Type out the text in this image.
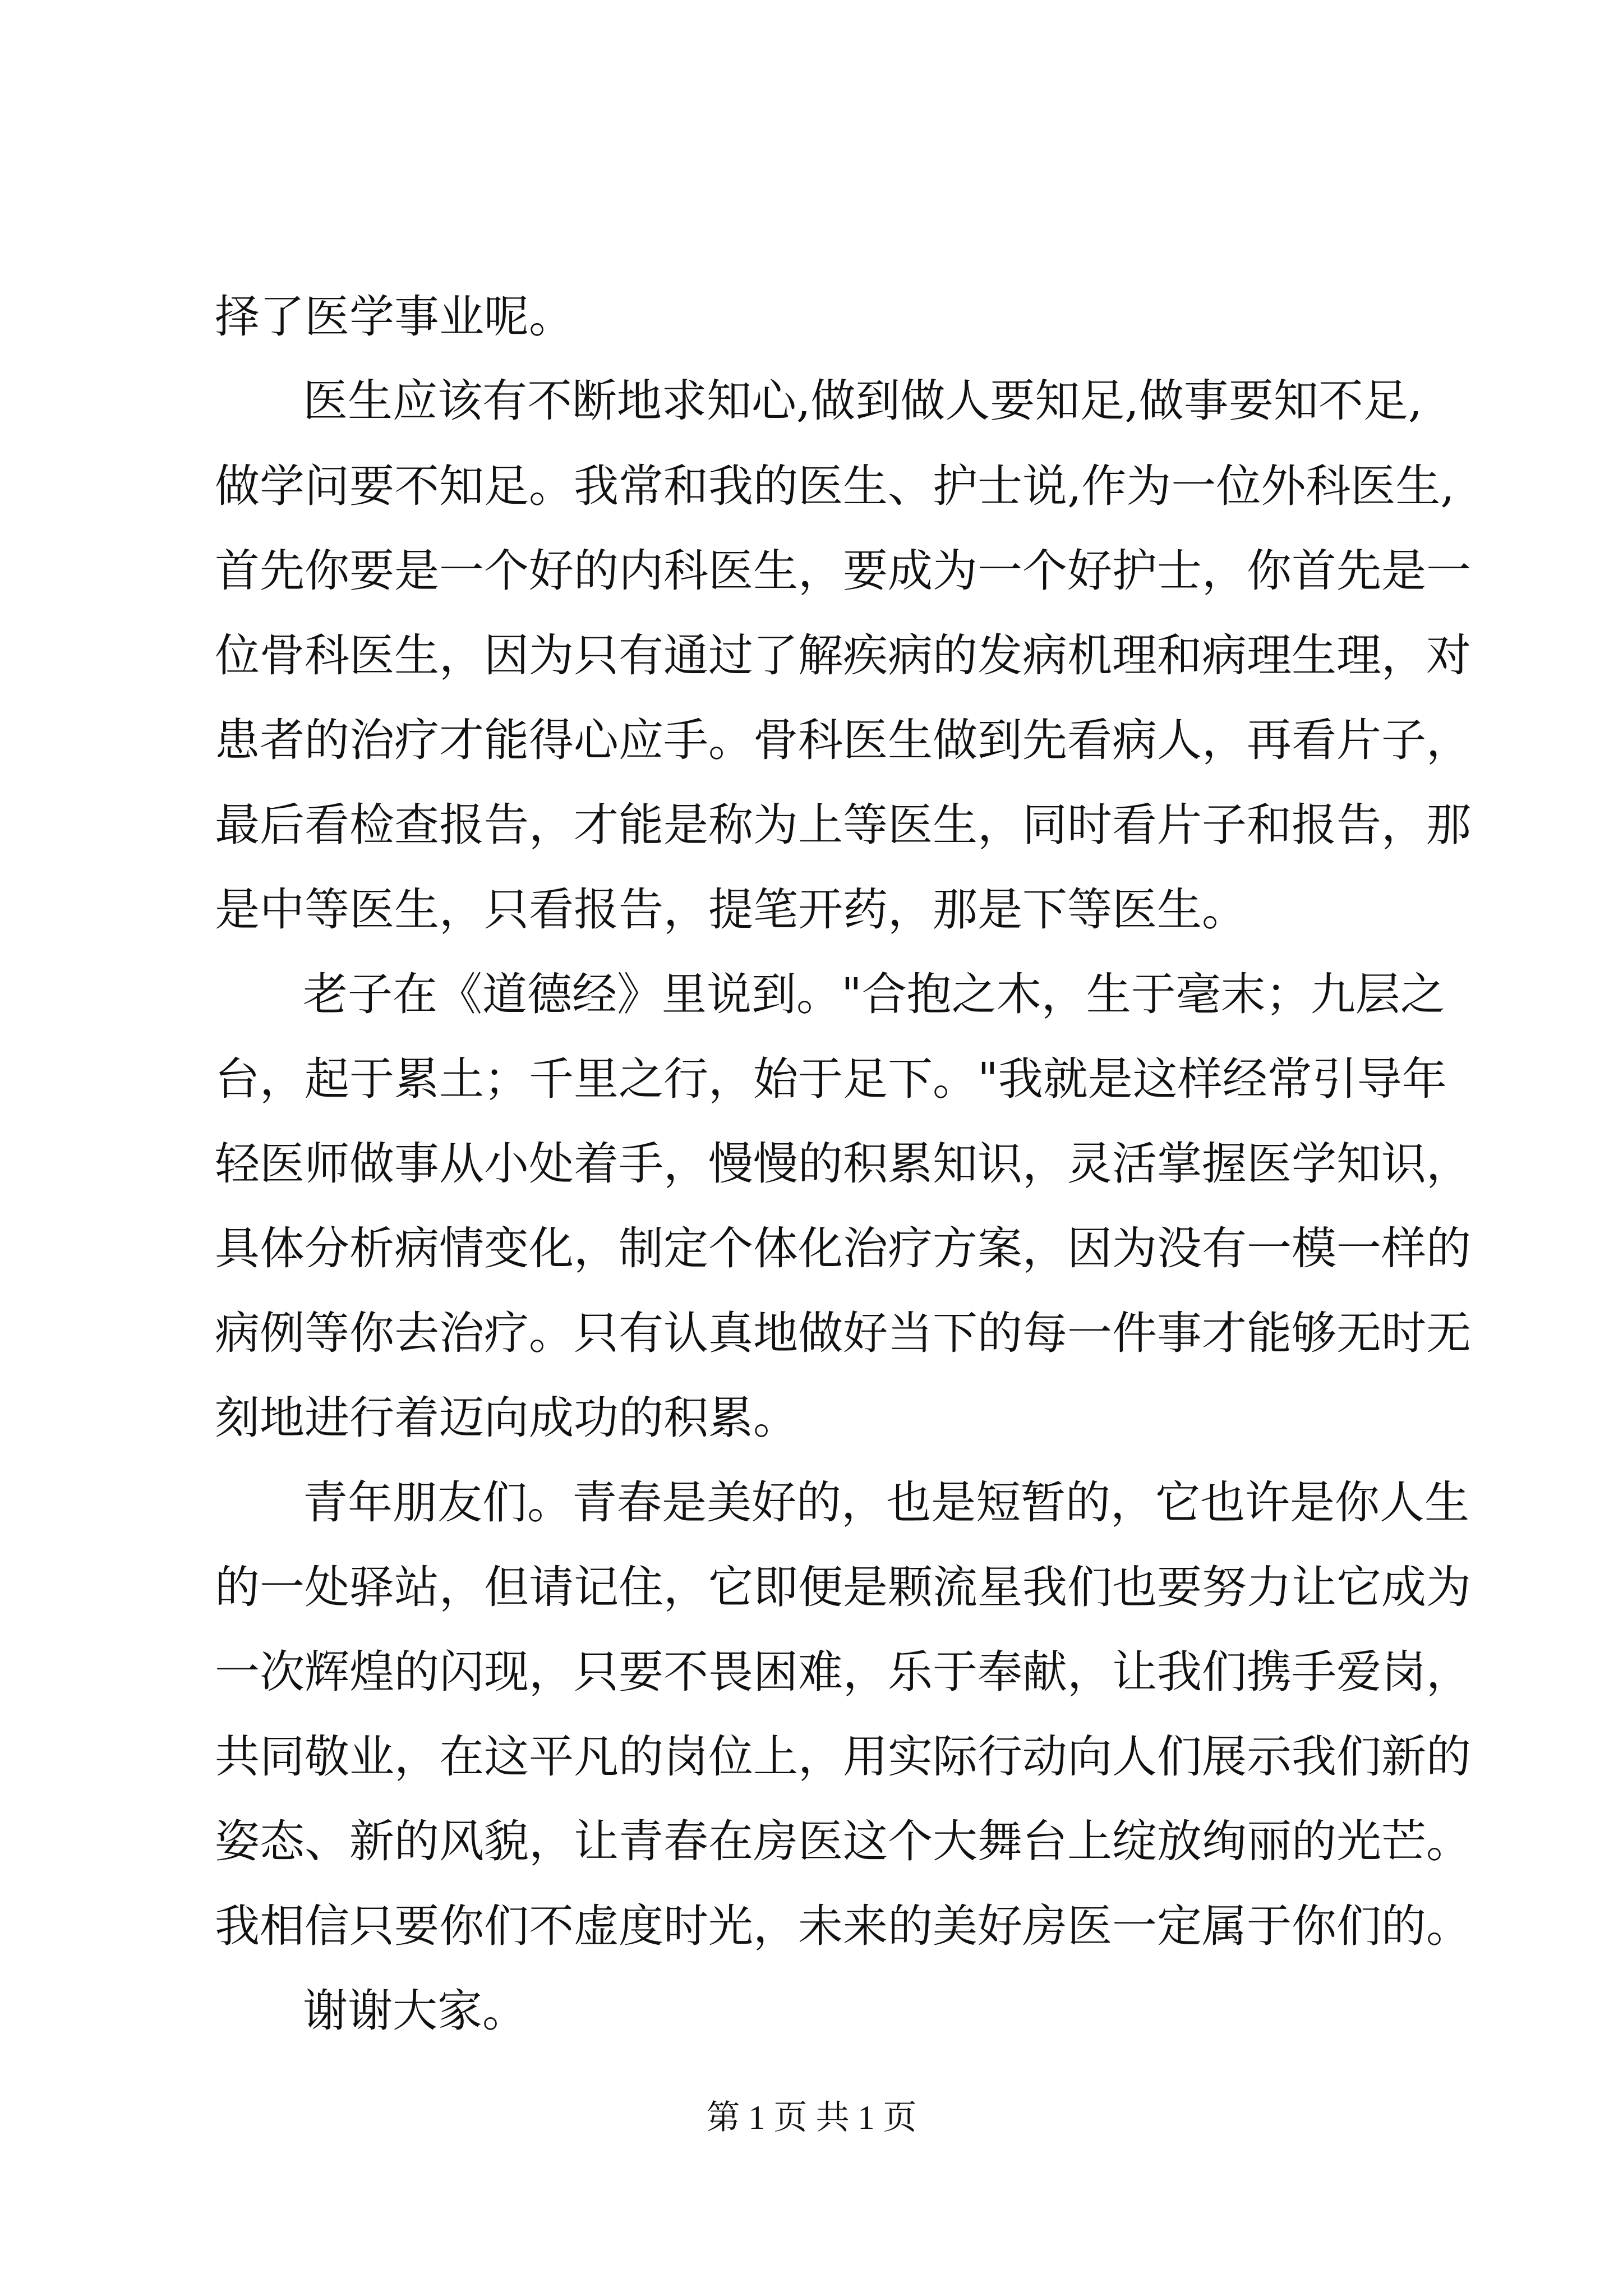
择了医学事业呢。
医生应该有不断地求知心,做到做人要知足,做事要知不足,
做学问要不知足。我常和我的医生、护士说,作为一位外科医生,
首先你要是一个好的内科医生，要成为一个好护士，你首先是一
位骨科医生，因为只有通过了解疾病的发病机理和病理生理，对
患者的治疗才能得心应手。骨科医生做到先看病人，再看片子，
最后看检查报告，才能是称为上等医生，同时看片子和报告，那
是中等医生，只看报告，提笔开药，那是下等医生。
老子在《道德经》里说到。"合抱之木，生于毫末；九层之
台，起于累土；千里之行，始于足下。"我就是这样经常引导年
轻医师做事从小处着手，慢慢的积累知识，灵活掌握医学知识，
具体分析病情变化，制定个体化治疗方案，因为没有一模一样的
病例等你去治疗。只有认真地做好当下的每一件事才能够无时无
刻地进行着迈向成功的积累。
青年朋友们。青春是美好的，也是短暂的，它也许是你人生
的一处驿站，但请记住，它即便是颗流星我们也要努力让它成为
一次辉煌的闪现，只要不畏困难，乐于奉献，让我们携手爱岗，
共同敬业，在这平凡的岗位上，用实际行动向人们展示我们新的
姿态、新的风貌，让青春在房医这个大舞台上绽放绚丽的光芒。
我相信只要你们不虚度时光，未来的美好房医一定属于你们的。
谢谢大家。
第 1 页 共 1 页
